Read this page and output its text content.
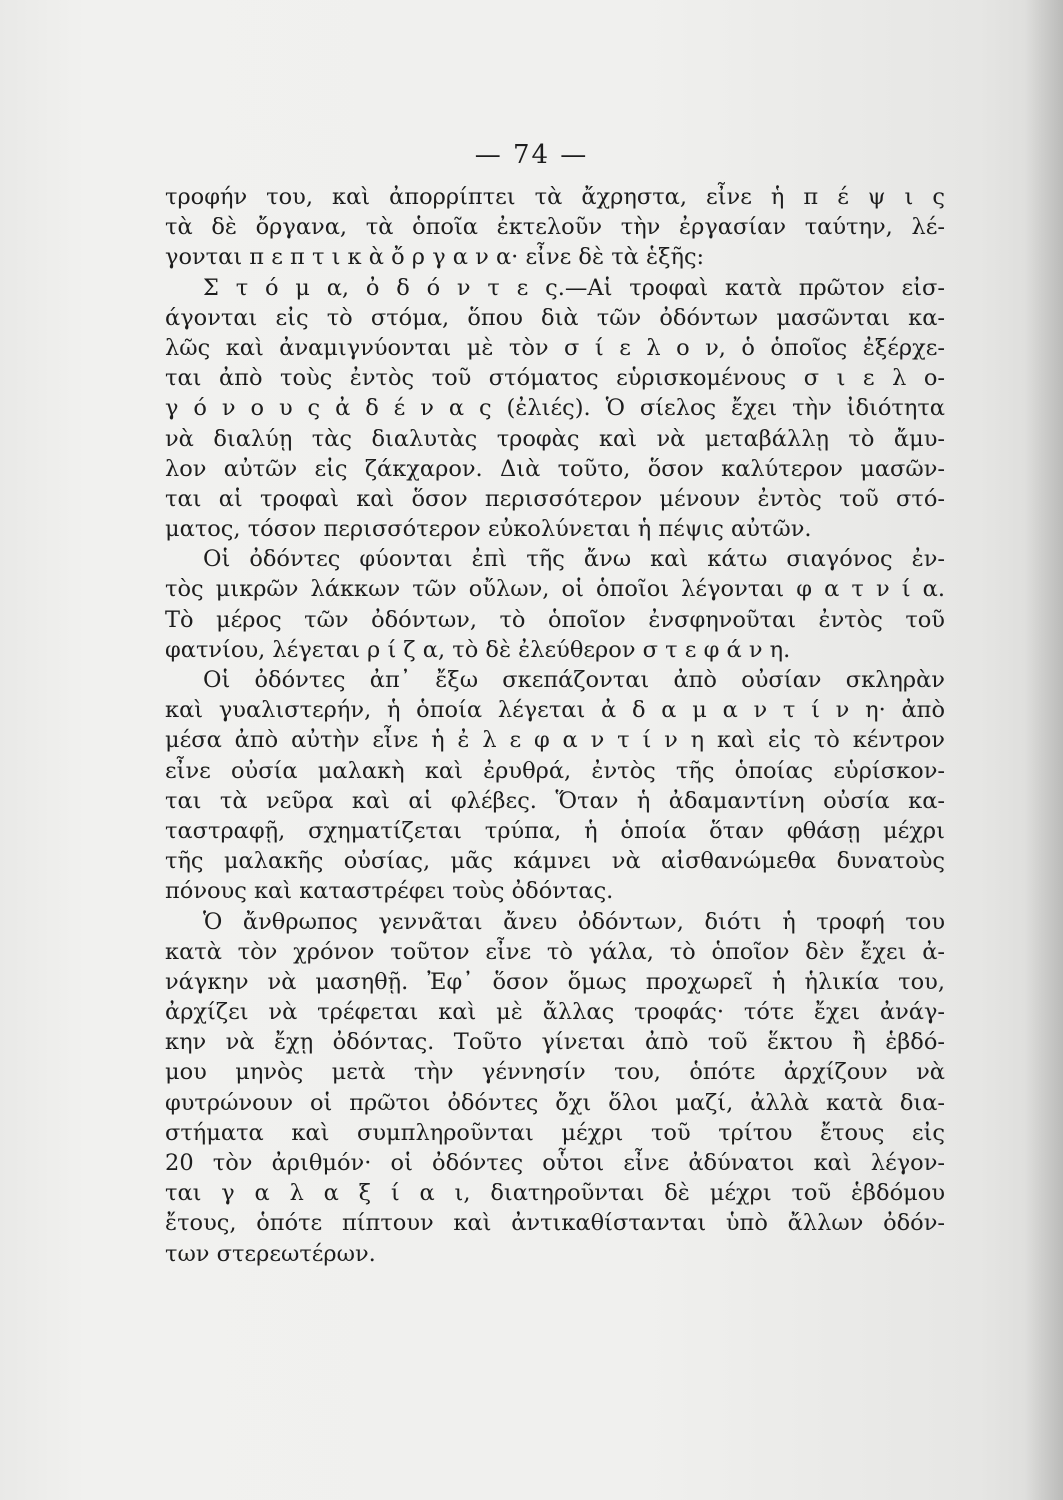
— 74 —
τροφήν του, καὶ ἀπορρίπτει τὰ ἄχρηστα, εἶνε ἡ π έ ψ ι ς
τὰ δὲ ὄργανα, τὰ ὁποῖα ἐκτελοῦν τὴν ἐργασίαν ταύτην, λέ-
γονται π ε π τ ι κ ὰ ὄ ρ γ α ν α· εἶνε δὲ τὰ ἑξῆς:
Σ τ ό μ α, ὀ δ ό ν τ ε ς.—Αἱ τροφαὶ κατὰ πρῶτον εἰσ-
άγονται εἰς τὸ στόμα, ὅπου διὰ τῶν ὀδόντων μασῶνται κα-
λῶς καὶ ἀναμιγνύονται μὲ τὸν σ ί ε λ ο ν, ὁ ὁποῖος ἐξέρχε-
ται ἀπὸ τοὺς ἐντὸς τοῦ στόματος εὑρισκομένους σ ι ε λ ο-
γ ό ν ο υ ς ἀ δ έ ν α ς (ἐλιές). Ὁ σίελος ἔχει τὴν ἰδιότητα
νὰ διαλύῃ τὰς διαλυτὰς τροφὰς καὶ νὰ μεταβάλλῃ τὸ ἄμυ-
λον αὐτῶν εἰς ζάκχαρον. Διὰ τοῦτο, ὅσον καλύτερον μασῶν-
ται αἱ τροφαὶ καὶ ὅσον περισσότερον μένουν ἐντὸς τοῦ στό-
ματος, τόσον περισσότερον εὐκολύνεται ἡ πέψις αὐτῶν.
Οἱ ὀδόντες φύονται ἐπὶ τῆς ἄνω καὶ κάτω σιαγόνος ἐν-
τὸς μικρῶν λάκκων τῶν οὔλων, οἱ ὁποῖοι λέγονται φ α τ ν ί α.
Τὸ μέρος τῶν ὀδόντων, τὸ ὁποῖον ἐνσφηνοῦται ἐντὸς τοῦ
φατνίου, λέγεται ρ ί ζ α, τὸ δὲ ἐλεύθερον σ τ ε φ ά ν η.
Οἱ ὀδόντες ἀπ᾽ ἔξω σκεπάζονται ἀπὸ οὐσίαν σκληρὰν
καὶ γυαλιστερήν, ἡ ὁποία λέγεται ἀ δ α μ α ν τ ί ν η· ἀπὸ
μέσα ἀπὸ αὐτὴν εἶνε ἡ ἐ λ ε φ α ν τ ί ν η καὶ εἰς τὸ κέντρον
εἶνε οὐσία μαλακὴ καὶ ἐρυθρά, ἐντὸς τῆς ὁποίας εὑρίσκον-
ται τὰ νεῦρα καὶ αἱ φλέβες. Ὅταν ἡ ἀδαμαντίνη οὐσία κα-
ταστραφῇ, σχηματίζεται τρύπα, ἡ ὁποία ὅταν φθάσῃ μέχρι
τῆς μαλακῆς οὐσίας, μᾶς κάμνει νὰ αἰσθανώμεθα δυνατοὺς
πόνους καὶ καταστρέφει τοὺς ὀδόντας.
Ὁ ἄνθρωπος γεννᾶται ἄνευ ὀδόντων, διότι ἡ τροφή του
κατὰ τὸν χρόνον τοῦτον εἶνε τὸ γάλα, τὸ ὁποῖον δὲν ἔχει ἀ-
νάγκην νὰ μασηθῇ. Ἐφ᾽ ὅσον ὅμως προχωρεῖ ἡ ἡλικία του,
ἀρχίζει νὰ τρέφεται καὶ μὲ ἄλλας τροφάς· τότε ἔχει ἀνάγ-
κην νὰ ἔχῃ ὀδόντας. Τοῦτο γίνεται ἀπὸ τοῦ ἕκτου ἢ ἑβδό-
μου μηνὸς μετὰ τὴν γέννησίν του, ὁπότε ἀρχίζουν νὰ
φυτρώνουν οἱ πρῶτοι ὀδόντες ὄχι ὅλοι μαζί, ἀλλὰ κατὰ δια-
στήματα καὶ συμπληροῦνται μέχρι τοῦ τρίτου ἔτους εἰς
20 τὸν ἀριθμόν· οἱ ὀδόντες οὗτοι εἶνε ἀδύνατοι καὶ λέγον-
ται γ α λ α ξ ί α ι, διατηροῦνται δὲ μέχρι τοῦ ἑβδόμου
ἔτους, ὁπότε πίπτουν καὶ ἀντικαθίστανται ὑπὸ ἄλλων ὀδόν-
των στερεωτέρων.
